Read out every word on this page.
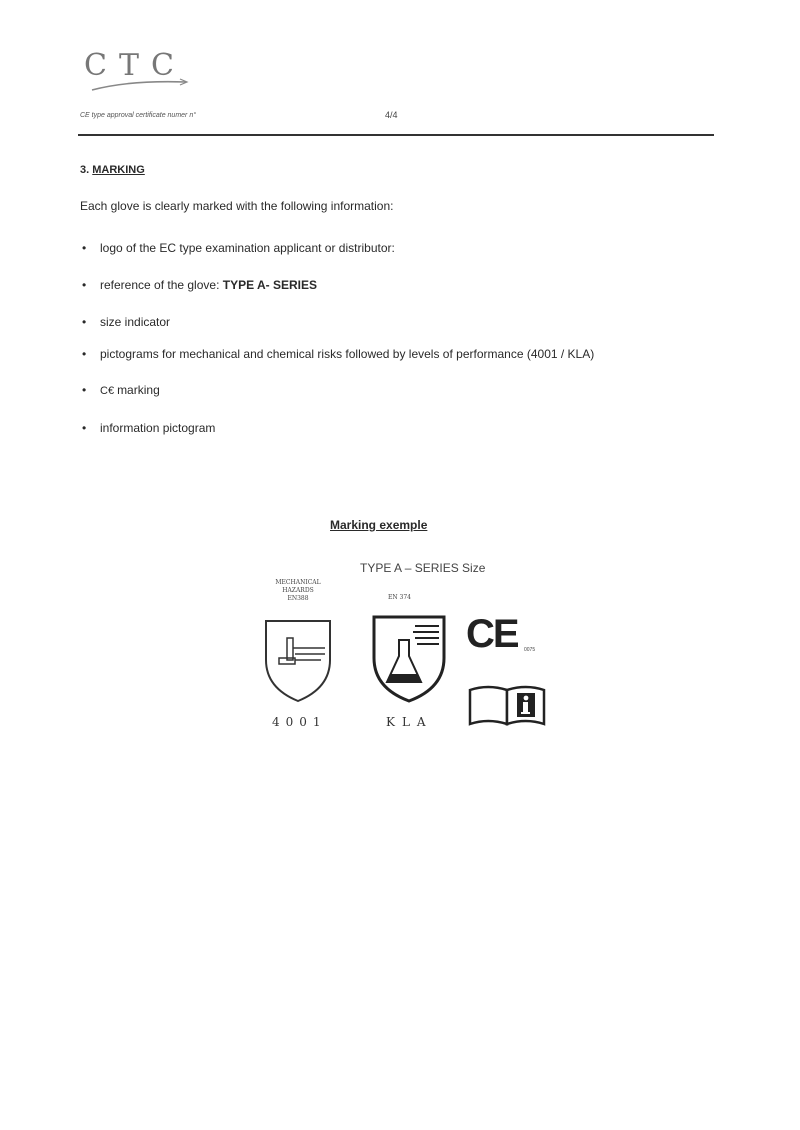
CTC
CE type approval certificate numer n°	4/4
3. MARKING
Each glove is clearly marked with the following information:
• logo of the EC type examination applicant or distributor:
• reference of the glove: TYPE A- SERIES
• size indicator
• pictograms for mechanical and chemical risks followed by levels of performance (4001 / KLA)
• C€ marking
• information pictogram
Marking exemple
TYPE A – SERIES Size
MECHANICAL
HAZARDS
EN388	EN 374
4001	KLA
CE 0075
